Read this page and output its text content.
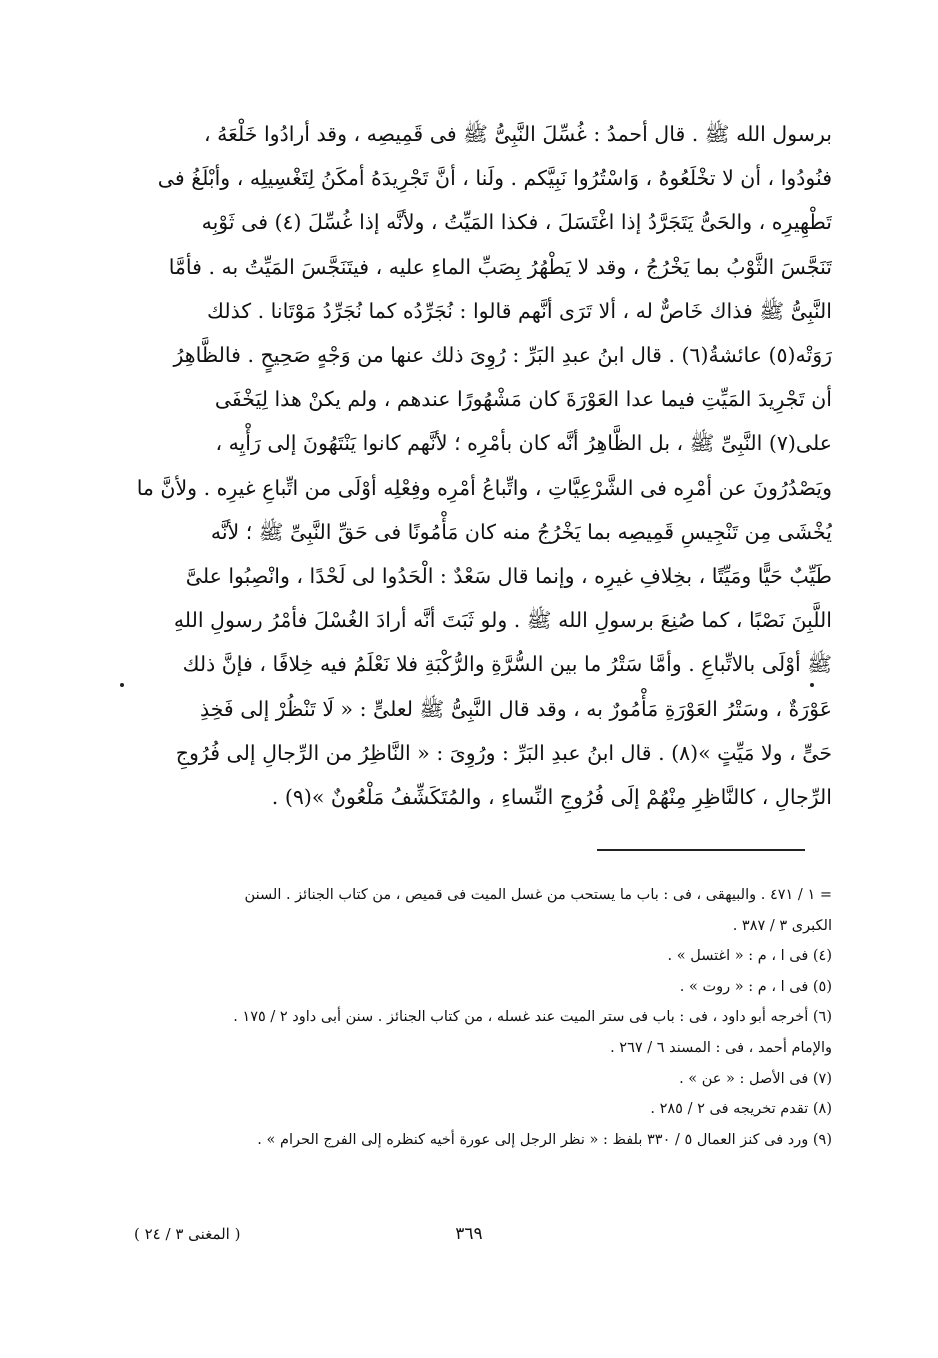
برسول الله ﷺ . قال أحمدُ : غُسِّلَ النَّبِىُّ ﷺ فى قَمِيصِه ، وقد أرادُوا خَلْعَهُ ،
فنُودُوا ، أن لا تخْلَعُوهُ ، وَاسْتُرُوا نَبِيَّكم . ولَنا ، أنَّ تَجْرِيدَهُ أمكَنُ لِتَغْسِيلِه ، وأبْلَغُ فى
تَطْهِيرِه ، والحَىُّ يَتَجَرَّدُ إذا اغْتَسَلَ ، فكذا المَيِّتُ ، ولأنَّه إذا غُسِّلَ (٤) فى ثَوْبِه
تَنَجَّسَ الثَّوْبُ بما يَخْرُجُ ، وقد لا يَطْهُرُ بِصَبِّ الماءِ عليه ، فيتَنَجَّسَ المَيِّتُ به . فأمَّا
النَّبِىُّ ﷺ فذاك خَاصٌّ له ، ألا تَرَى أنَّهم قالوا : نُجَرِّدُه كما نُجَرِّدُ مَوْتَانا . كذلك
رَوَتْه(٥) عائشةُ(٦) . قال ابنُ عبدِ البَرِّ : رُوِىَ ذلك عنها من وَجْهٍ صَحِيحٍ . فالظَّاهِرُ
أن تَجْرِيدَ المَيِّتِ فيما عدا العَوْرَةَ كان مَشْهُورًا عندهم ، ولم يكنْ هذا لِيَخْفَى
على(٧) النَّبِىِّ ﷺ ، بل الظَّاهِرُ أنَّه كان بأمْرِه ؛ لأنَّهم كانوا يَنْتَهُونَ إلى رَأْيِه ،
ويَصْدُرُونَ عن أمْرِه فى الشَّرْعِيَّاتِ ، واتِّباعُ أمْرِه وفِعْلِه أوْلَى من اتِّباعِ غيرِه . ولأنَّ ما
يُخْشَى مِن تَنْجِيسِ قَمِيصِه بما يَخْرُجُ منه كان مَأْمُونًا فى حَقِّ النَّبِىِّ ﷺ ؛ لأنَّه
طَيِّبٌ حَيًّا ومَيِّتًا ، بخِلافِ غيرِه ، وإنما قال سَعْدٌ : الْحَدُوا لى لَحْدًا ، وانْصِبُوا علىَّ
اللَّبِنَ نَصْبًا ، كما صُنِعَ برسولِ الله ﷺ . ولو ثَبَتَ أنَّه أرادَ الغُسْلَ فأمْرُ رسولِ اللهِ
ﷺ أوْلَى بالاتِّباعِ . وأمَّا سَتْرُ ما بين السُّرَّةِ والرُّكْبَةِ فلا نَعْلَمُ فيه خِلافًا ، فإنَّ ذلك
عَوْرَةٌ ، وسَتْرُ العَوْرَةِ مَأْمُورٌ به ، وقد قال النَّبِىُّ ﷺ لعلىٍّ : « لَا تَنْظُرْ إلى فَخِذِ
حَىٍّ ، ولا مَيِّتٍ »(٨) . قال ابنُ عبدِ البَرِّ : ورُوِىَ : « النَّاظِرُ من الرِّجالِ إلى فُرُوجِ
الرِّجالِ ، كالنَّاظِرِ مِنْهُمْ إلَى فُرُوجِ النِّساءِ ، والمُتَكَشِّفُ مَلْعُونٌ »(٩) .
= ١ / ٤٧١ . والبيهقى ، فى : باب ما يستحب من غسل الميت فى قميص ، من كتاب الجنائز . السنن
الكبرى ٣ / ٣٨٧ .
(٤) فى ا ، م : « اغتسل » .
(٥) فى ا ، م : « روت » .
(٦) أخرجه أبو داود ، فى : باب فى ستر الميت عند غسله ، من كتاب الجنائز . سنن أبى داود ٢ / ١٧٥ .
والإمام أحمد ، فى : المسند ٦ / ٢٦٧ .
(٧) فى الأصل : « عن » .
(٨) تقدم تخريجه فى ٢ / ٢٨٥ .
(٩) ورد فى كنز العمال ٥ / ٣٣٠ بلفظ : « نظر الرجل إلى عورة أخيه كنظره إلى الفرج الحرام » .
٣٦٩
( المغنى ٣ / ٢٤ )
